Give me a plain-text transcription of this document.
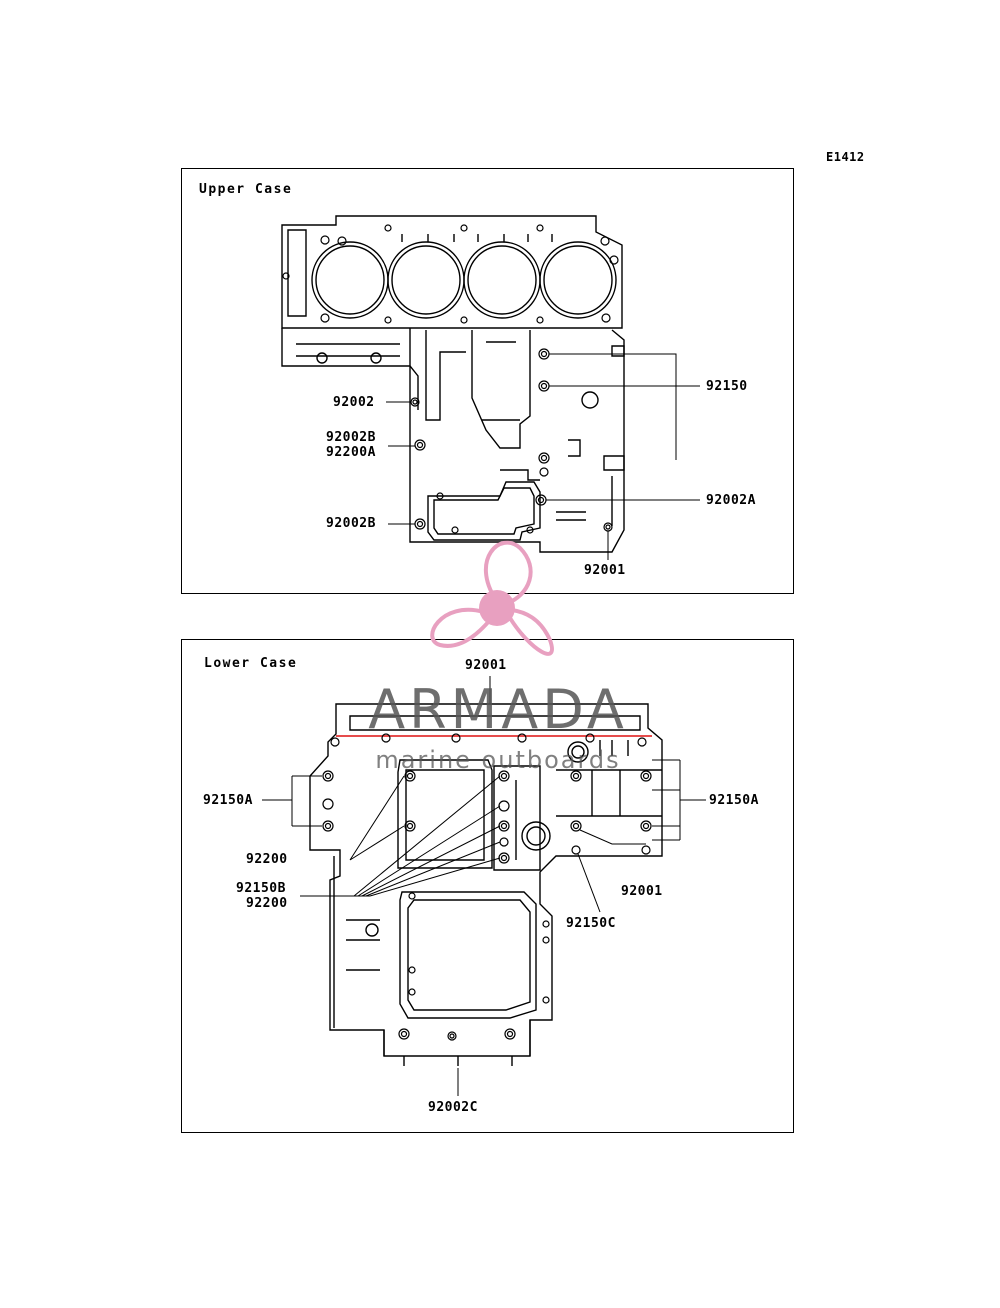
E1412
Upper Case
Lower Case
92002
92002B
92200A
92002B
92150
92002A
92001
92001
92150A
92200
92150B
92200
92150A
92001
92150C
92002C
ARMADA
marine outboards
